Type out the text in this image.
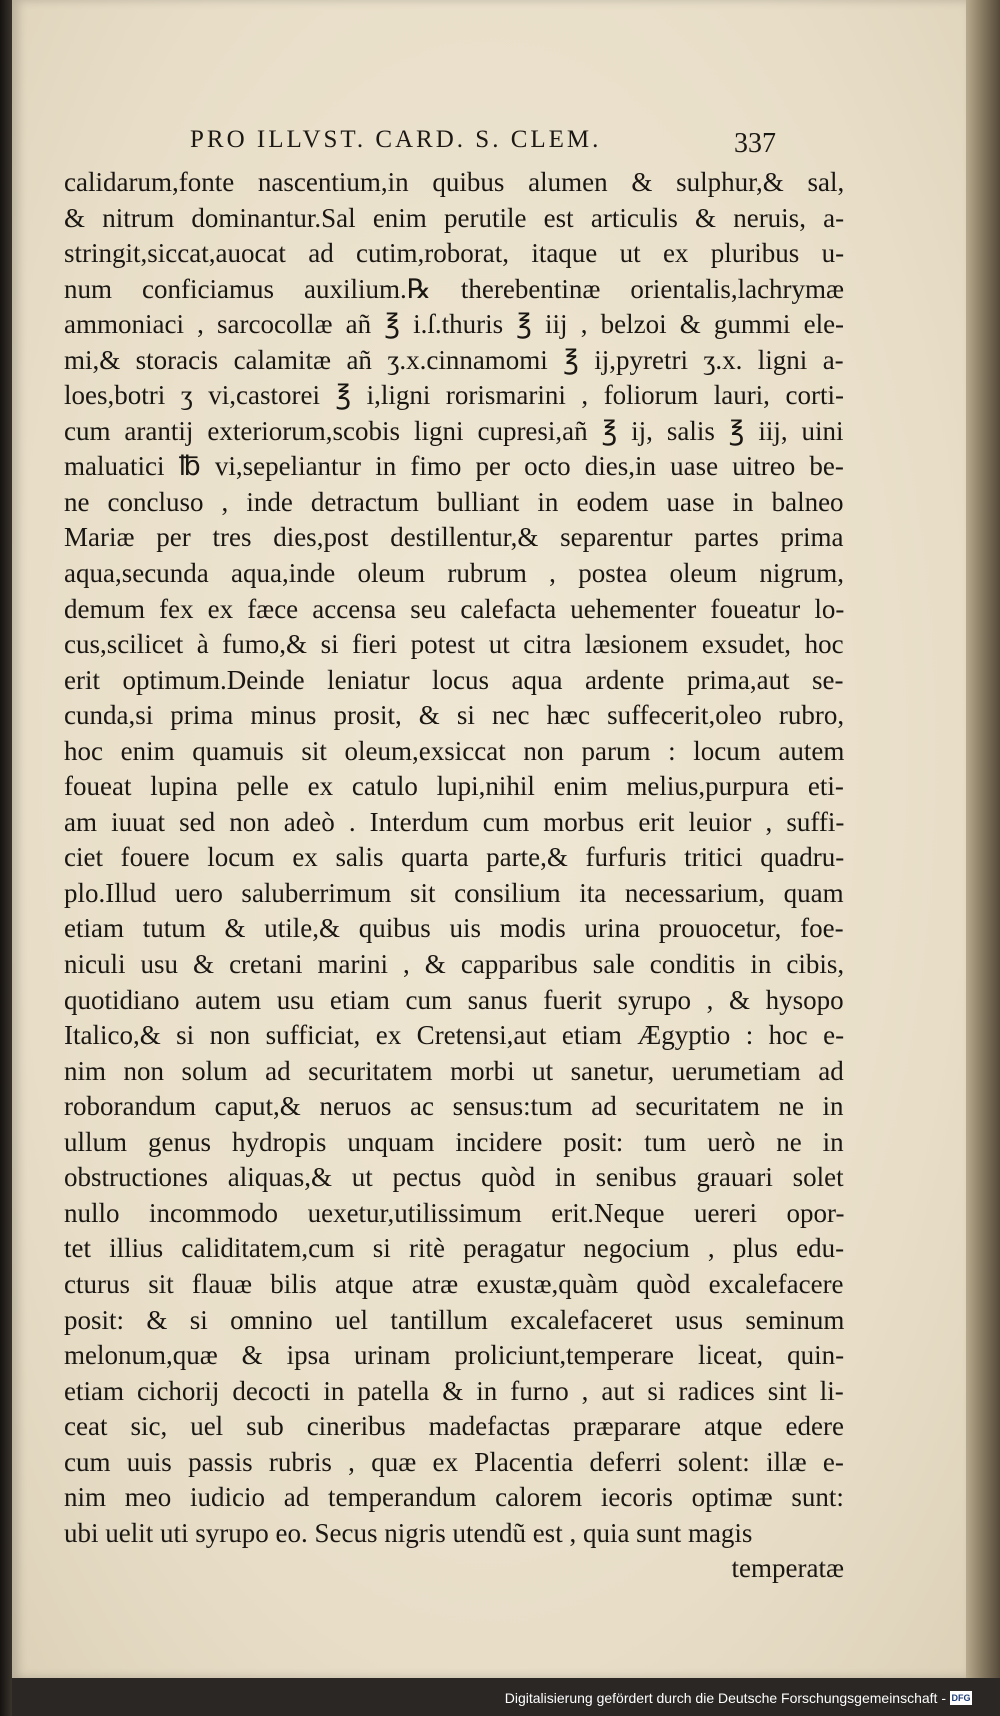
PRO ILLVST. CARD. S. CLEM.	337
calidarum,fonte nascentium,in quibus alumen & sulphur,& sal,
& nitrum dominantur.Sal enim perutile est articulis & neruis, a-
stringit,siccat,auocat ad cutim,roborat, itaque ut ex pluribus u-
num conficiamus auxilium.℞ therebentinæ orientalis,lachrymæ
ammoniaci , sarcocollæ añ ℥ i.ſ.thuris ℥ iij , belzoi & gummi ele-
mi,& storacis calamitæ añ ʒ.x.cinnamomi ℥ ij,pyretri ʒ.x. ligni a-
loes,botri ʒ vi,castorei ℥ i,ligni rorismarini , foliorum lauri, corti-
cum arantij exteriorum,scobis ligni cupresi,añ ℥ ij, salis ℥ iij, uini
maluatici ℔ vi,sepeliantur in fimo per octo dies,in uase uitreo be-
ne concluso , inde detractum bulliant in eodem uase in balneo
Mariæ per tres dies,post destillentur,& separentur partes prima
aqua,secunda aqua,inde oleum rubrum , postea oleum nigrum,
demum fex ex fæce accensa seu calefacta uehementer foueatur lo-
cus,scilicet à fumo,& si fieri potest ut citra læsionem exsudet, hoc
erit optimum.Deinde leniatur locus aqua ardente prima,aut se-
cunda,si prima minus prosit, & si nec hæc suffecerit,oleo rubro,
hoc enim quamuis sit oleum,exsiccat non parum : locum autem
foueat lupina pelle ex catulo lupi,nihil enim melius,purpura eti-
am iuuat sed non adeò . Interdum cum morbus erit leuior , suffi-
ciet fouere locum ex salis quarta parte,& furfuris tritici quadru-
plo.Illud uero saluberrimum sit consilium ita necessarium, quam
etiam tutum & utile,& quibus uis modis urina prouocetur, foe-
niculi usu & cretani marini , & capparibus sale conditis in cibis,
quotidiano autem usu etiam cum sanus fuerit syrupo , & hysopo
Italico,& si non sufficiat, ex Cretensi,aut etiam Ægyptio : hoc e-
nim non solum ad securitatem morbi ut sanetur, uerumetiam ad
roborandum caput,& neruos ac sensus:tum ad securitatem ne in
ullum genus hydropis unquam incidere posit: tum uerò ne in
obstructiones aliquas,& ut pectus quòd in senibus grauari solet
nullo incommodo uexetur,utilissimum erit.Neque uereri opor-
tet illius caliditatem,cum si ritè peragatur negocium , plus edu-
cturus sit flauæ bilis atque atræ exustæ,quàm quòd excalefacere
posit: & si omnino uel tantillum excalefaceret usus seminum
melonum,quæ & ipsa urinam proliciunt,temperare liceat, quin-
etiam cichorij decocti in patella & in furno , aut si radices sint li-
ceat sic, uel sub cineribus madefactas præparare atque edere
cum uuis passis rubris , quæ ex Placentia deferri solent: illæ e-
nim meo iudicio ad temperandum calorem iecoris optimæ sunt:
ubi uelit uti syrupo eo. Secus nigris utendũ est , quia sunt magis
temperatæ
Digitalisierung gefördert durch die Deutsche Forschungsgemeinschaft - DFG
